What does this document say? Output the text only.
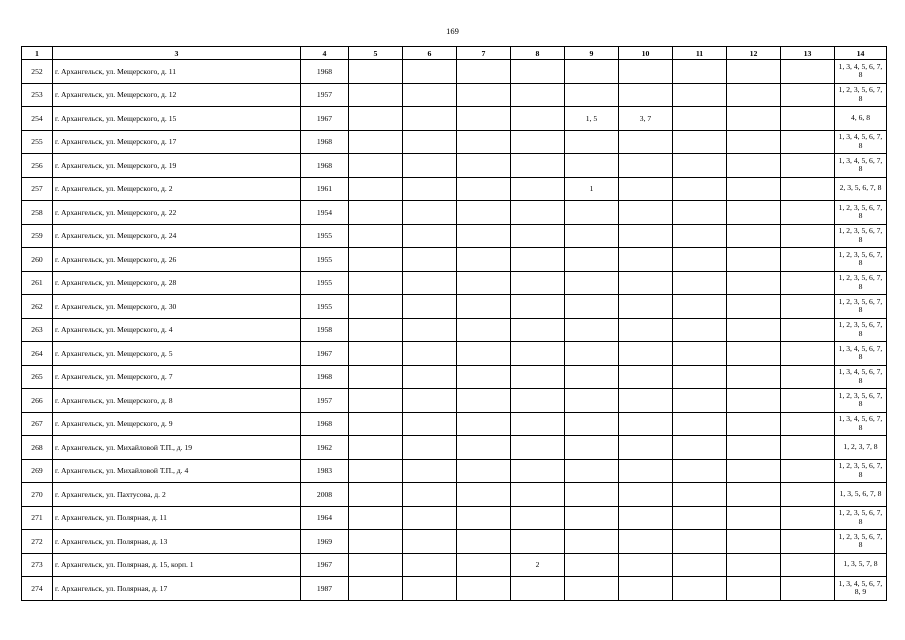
169
1	3	4	5	6	7	8	9	10	11	12	13	14
252	г. Архангельск, ул. Мещерского, д. 11	1968										1, 3, 4, 5, 6, 7, 8
253	г. Архангельск, ул. Мещерского, д. 12	1957										1, 2, 3, 5, 6, 7, 8
254	г. Архангельск, ул. Мещерского, д. 15	1967					1, 5	3, 7				4, 6, 8
255	г. Архангельск, ул. Мещерского, д. 17	1968										1, 3, 4, 5, 6, 7, 8
256	г. Архангельск, ул. Мещерского, д. 19	1968										1, 3, 4, 5, 6, 7, 8
257	г. Архангельск, ул. Мещерского, д. 2	1961					1					2, 3, 5, 6, 7, 8
258	г. Архангельск, ул. Мещерского, д. 22	1954										1, 2, 3, 5, 6, 7, 8
259	г. Архангельск, ул. Мещерского, д. 24	1955										1, 2, 3, 5, 6, 7, 8
260	г. Архангельск, ул. Мещерского, д. 26	1955										1, 2, 3, 5, 6, 7, 8
261	г. Архангельск, ул. Мещерского, д. 28	1955										1, 2, 3, 5, 6, 7, 8
262	г. Архангельск, ул. Мещерского, д. 30	1955										1, 2, 3, 5, 6, 7, 8
263	г. Архангельск, ул. Мещерского, д. 4	1958										1, 2, 3, 5, 6, 7, 8
264	г. Архангельск, ул. Мещерского, д. 5	1967										1, 3, 4, 5, 6, 7, 8
265	г. Архангельск, ул. Мещерского, д. 7	1968										1, 3, 4, 5, 6, 7, 8
266	г. Архангельск, ул. Мещерского, д. 8	1957										1, 2, 3, 5, 6, 7, 8
267	г. Архангельск, ул. Мещерского, д. 9	1968										1, 3, 4, 5, 6, 7, 8
268	г. Архангельск, ул. Михайловой Т.П., д. 19	1962										1, 2, 3, 7, 8
269	г. Архангельск, ул. Михайловой Т.П., д. 4	1983										1, 2, 3, 5, 6, 7, 8
270	г. Архангельск, ул. Пахтусова, д. 2	2008										1, 3, 5, 6, 7, 8
271	г. Архангельск, ул. Полярная, д. 11	1964										1, 2, 3, 5, 6, 7, 8
272	г. Архангельск, ул. Полярная, д. 13	1969										1, 2, 3, 5, 6, 7, 8
273	г. Архангельск, ул. Полярная, д. 15, корп. 1	1967				2						1, 3, 5, 7, 8
274	г. Архангельск, ул. Полярная, д. 17	1987										1, 3, 4, 5, 6, 7, 8, 9
